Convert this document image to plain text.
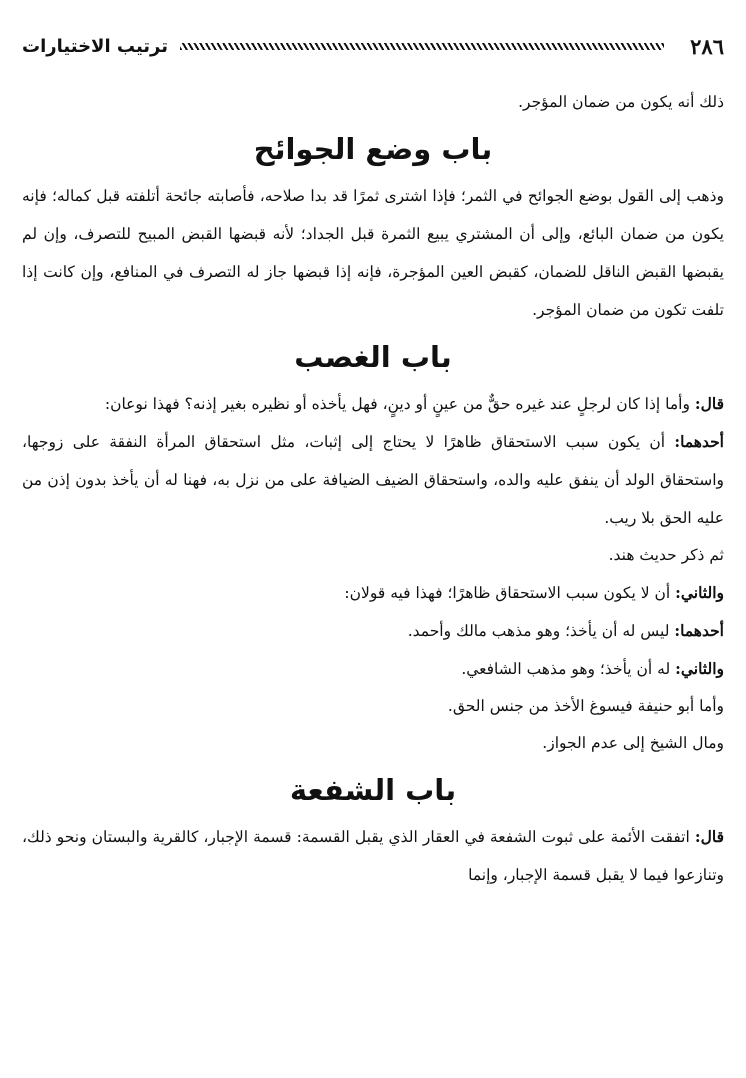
٢٨٦
ترتيب الاختيارات

ذلك أنه يكون من ضمان المؤجر.

باب وضع الجوائح

وذهب إلى القول بوضع الجوائح في الثمر؛ فإذا اشترى ثمرًا قد بدا صلاحه، فأصابته جائحة أتلفته قبل كماله؛ فإنه يكون من ضمان البائع، وإلى أن المشتري يبيع الثمرة قبل الجداد؛ لأنه قبضها القبض المبيح للتصرف، وإن لم يقبضها القبض الناقل للضمان، كقبض العين المؤجرة، فإنه إذا قبضها جاز له التصرف في المنافع، وإن كانت إذا تلفت تكون من ضمان المؤجر.

باب الغصب

قال: وأما إذا كان لرجلٍ عند غيره حقٌّ من عينٍ أو دينٍ، فهل يأخذه أو نظيره بغير إذنه؟ فهذا نوعان:

أحدهما: أن يكون سبب الاستحقاق ظاهرًا لا يحتاج إلى إثبات، مثل استحقاق المرأة النفقة على زوجها، واستحقاق الولد أن ينفق عليه والده، واستحقاق الضيف الضيافة على من نزل به، فهنا له أن يأخذ بدون إذن من عليه الحق بلا ريب.

ثم ذكر حديث هند.

والثاني: أن لا يكون سبب الاستحقاق ظاهرًا؛ فهذا فيه قولان:

أحدهما: ليس له أن يأخذ؛ وهو مذهب مالك وأحمد.

والثاني: له أن يأخذ؛ وهو مذهب الشافعي.

وأما أبو حنيفة فيسوغ الأخذ من جنس الحق.

ومال الشيخ إلى عدم الجواز.

باب الشفعة

قال: اتفقت الأئمة على ثبوت الشفعة في العقار الذي يقبل القسمة: قسمة الإجبار، كالقرية والبستان ونحو ذلك، وتنازعوا فيما لا يقبل قسمة الإجبار، وإنما
